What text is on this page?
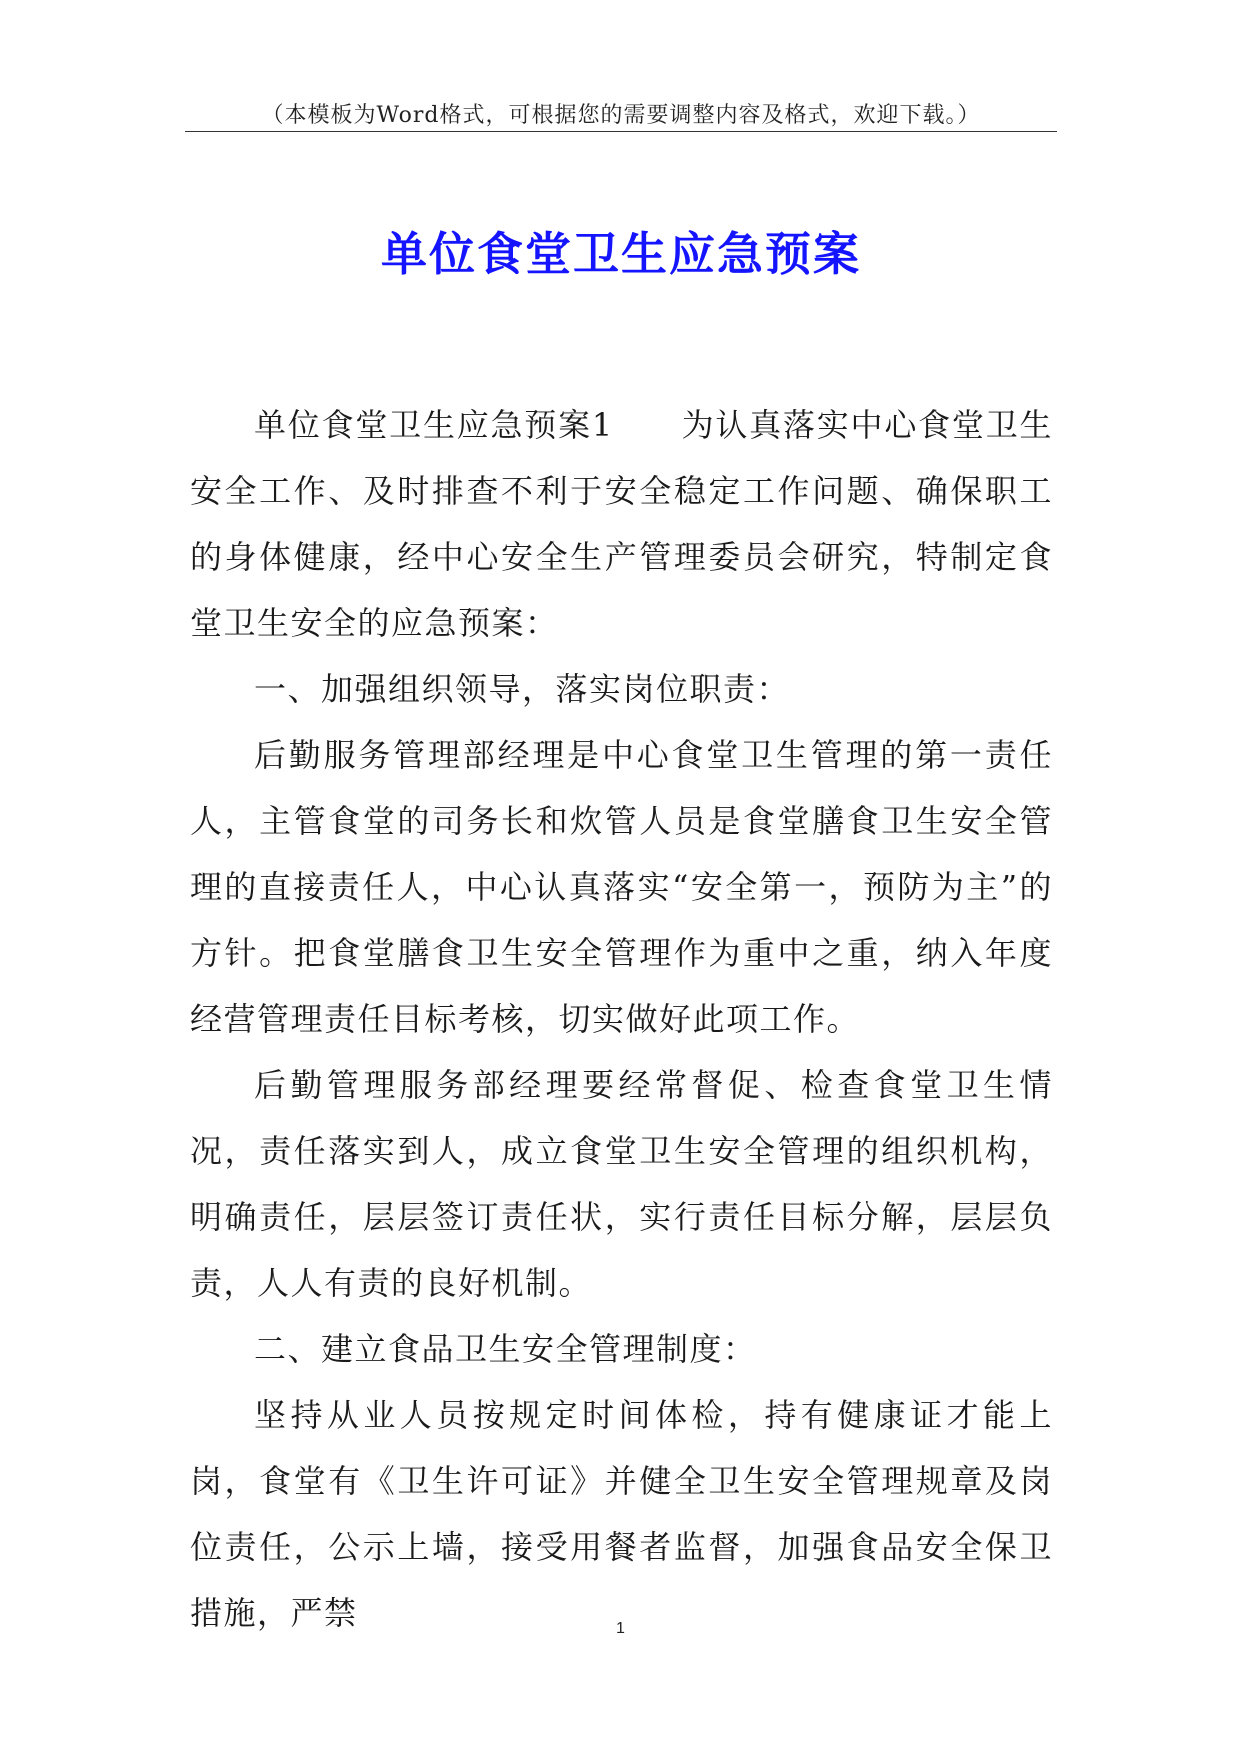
（本模板为Word格式，可根据您的需要调整内容及格式，欢迎下载。）
单位食堂卫生应急预案

单位食堂卫生应急预案1　　为认真落实中心食堂卫生安全工作、及时排查不利于安全稳定工作问题、确保职工的身体健康，经中心安全生产管理委员会研究，特制定食堂卫生安全的应急预案：

一、加强组织领导，落实岗位职责：

后勤服务管理部经理是中心食堂卫生管理的第一责任人，主管食堂的司务长和炊管人员是食堂膳食卫生安全管理的直接责任人，中心认真落实“安全第一，预防为主”的方针。把食堂膳食卫生安全管理作为重中之重，纳入年度经营管理责任目标考核，切实做好此项工作。

后勤管理服务部经理要经常督促、检查食堂卫生情况，责任落实到人，成立食堂卫生安全管理的组织机构，明确责任，层层签订责任状，实行责任目标分解，层层负责，人人有责的良好机制。

二、建立食品卫生安全管理制度：

坚持从业人员按规定时间体检，持有健康证才能上岗，食堂有《卫生许可证》并健全卫生安全管理规章及岗位责任，公示上墙，接受用餐者监督，加强食品安全保卫措施，严禁	1
